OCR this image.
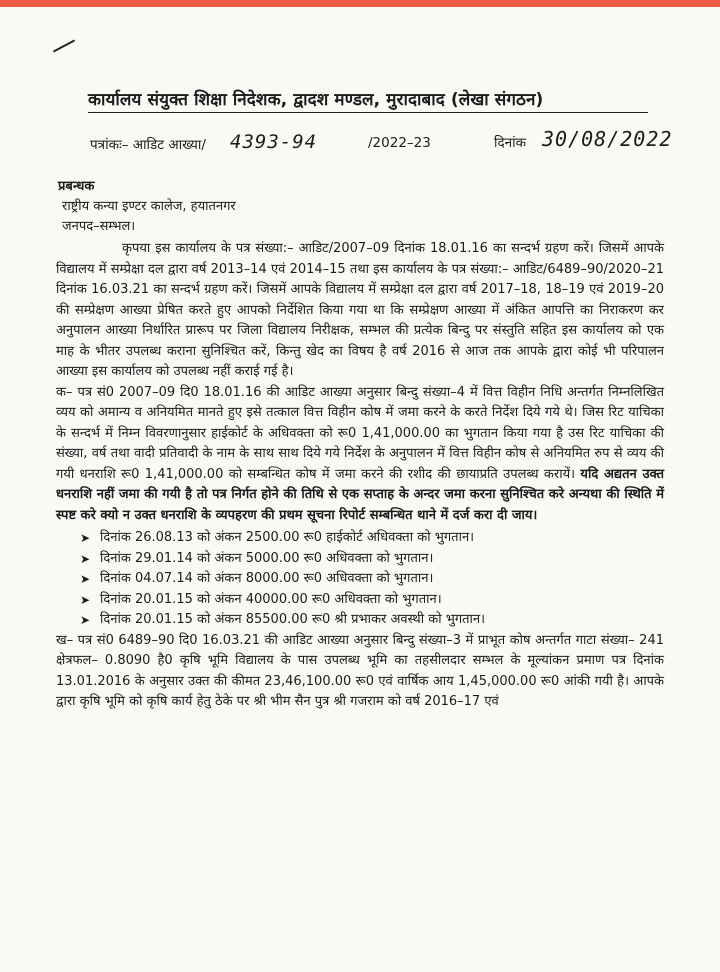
कार्यालय संयुक्त शिक्षा निदेशक, द्वादश मण्डल, मुरादाबाद (लेखा संगठन)
पत्रांकः– आडिट आख्या/ 4393-94	/2022–23	दिनांक 30/08/2022
प्रबन्धक
राष्ट्रीय कन्या इण्टर कालेज, हयातनगर
जनपद–सम्भल।

कृपया इस कार्यालय के पत्र संख्या:– आडिट/2007–09 दिनांक 18.01.16 का सन्दर्भ ग्रहण करें। जिसमें आपके विद्यालय में सम्प्रेक्षा दल द्वारा वर्ष 2013–14 एवं 2014–15 तथा इस कार्यालय के पत्र संख्या:– आडिट/6489–90/2020–21 दिनांक 16.03.21 का सन्दर्भ ग्रहण करें। जिसमें आपके विद्यालय में सम्प्रेक्षा दल द्वारा वर्ष 2017–18, 18–19 एवं 2019–20 की सम्प्रेक्षण आख्या प्रेषित करते हुए आपको निर्देशित किया गया था कि सम्प्रेक्षण आख्या में अंकित आपत्ति का निराकरण कर अनुपालन आख्या निर्धारित प्रारूप पर जिला विद्यालय निरीक्षक, सम्भल की प्रत्येक बिन्दु पर संस्तुति सहित इस कार्यालय को एक माह के भीतर उपलब्ध कराना सुनिश्चित करें, किन्तु खेद का विषय है वर्ष 2016 से आज तक आपके द्वारा कोई भी परिपालन आख्या इस कार्यालय को उपलब्ध नहीं कराई गई है।

क– पत्र सं0 2007–09 दि0 18.01.16 की आडिट आख्या अनुसार बिन्दु संख्या–4 में वित्त विहीन निधि अन्तर्गत निम्नलिखित व्यय को अमान्य व अनियमित मानते हुए इसे तत्काल वित्त विहीन कोष में जमा करने के करते निर्देश दिये गये थे। जिस रिट याचिका के सन्दर्भ में निम्न विवरणानुसार हाईकोर्ट के अधिवक्ता को रू0 1,41,000.00 का भुगतान किया गया है उस रिट याचिका की संख्या, वर्ष तथा वादी प्रतिवादी के नाम के साथ साथ दिये गये निर्देश के अनुपालन में वित्त विहीन कोष से अनियमित रुप से व्यय की गयी धनराशि रू0 1,41,000.00 को सम्बन्धित कोष में जमा करने की रशीद की छायाप्रति उपलब्ध करायें। यदि अद्यतन उक्त धनराशि नहीं जमा की गयी है तो पत्र निर्गत होने की तिथि से एक सप्ताह के अन्दर जमा करना सुनिश्चित करे अन्यथा की स्थिति में स्पष्ट करे क्यो न उक्त धनराशि के व्यपहरण की प्रथम सूचना रिपोर्ट सम्बन्धित थाने में दर्ज करा दी जाय।

➤ दिनांक 26.08.13 को अंकन 2500.00 रू0 हाईकोर्ट अधिवक्ता को भुगतान।
➤ दिनांक 29.01.14 को अंकन 5000.00 रू0 अधिवक्ता को भुगतान।
➤ दिनांक 04.07.14 को अंकन 8000.00 रू0 अधिवक्ता को भुगतान।
➤ दिनांक 20.01.15 को अंकन 40000.00 रू0 अधिवक्ता को भुगतान।
➤ दिनांक 20.01.15 को अंकन 85500.00 रू0 श्री प्रभाकर अवस्थी को भुगतान।

ख– पत्र सं0 6489–90 दि0 16.03.21 की आडिट आख्या अनुसार बिन्दु संख्या–3 में प्राभूत कोष अन्तर्गत गाटा संख्या– 241 क्षेत्रफल– 0.8090 है0 कृषि भूमि विद्यालय के पास उपलब्ध भूमि का तहसीलदार सम्भल के मूल्यांकन प्रमाण पत्र दिनांक 13.01.2016 के अनुसार उक्त की कीमत 23,46,100.00 रू0 एवं वार्षिक आय 1,45,000.00 रू0 आंकी गयी है। आपके द्वारा कृषि भूमि को कृषि कार्य हेतु ठेके पर श्री भीम सैन पुत्र श्री गजराम को वर्ष 2016–17 एवं
